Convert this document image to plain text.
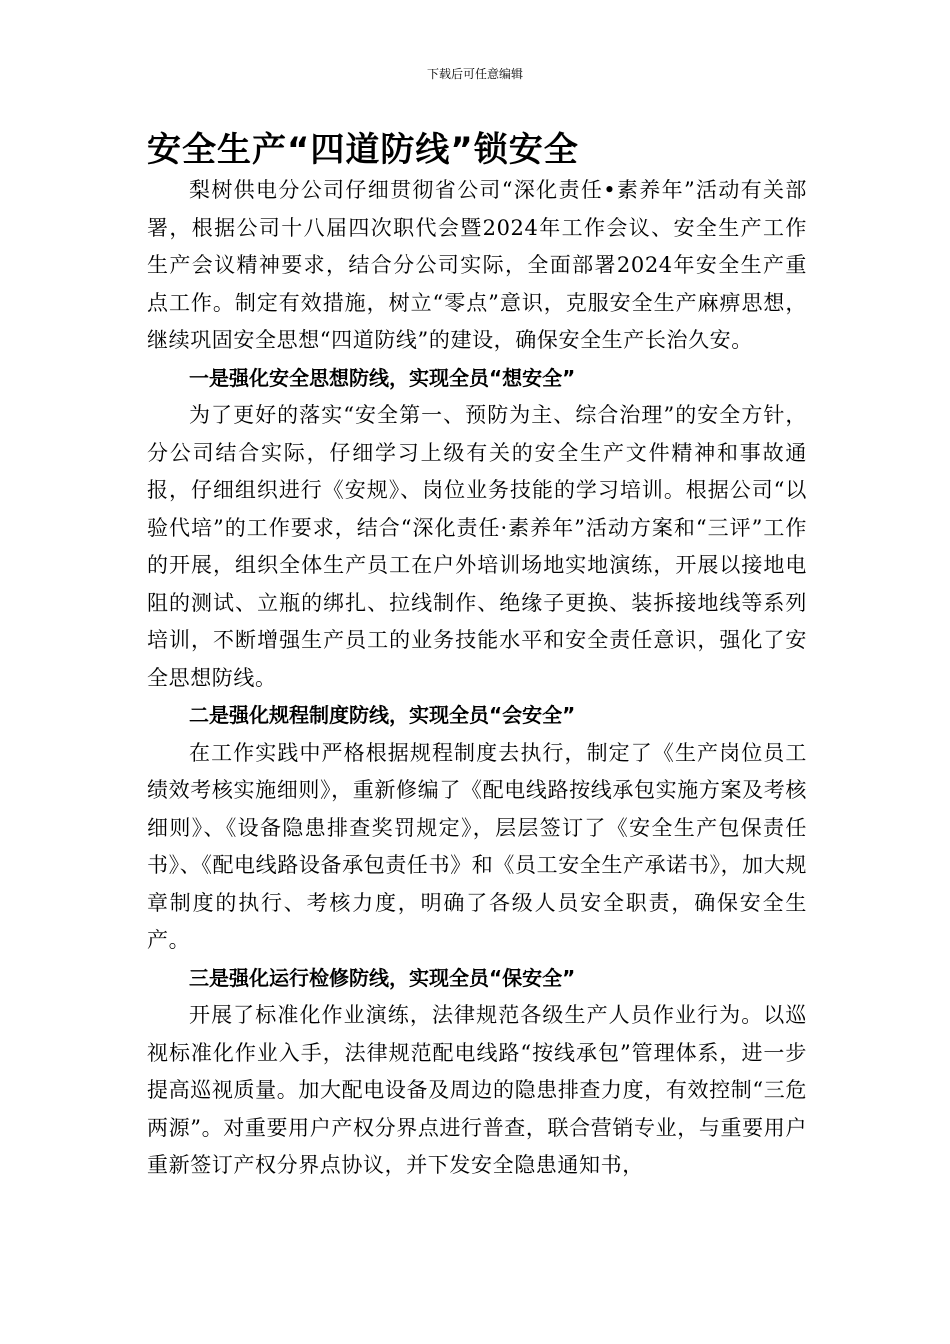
下载后可任意编辑
安全生产“四道防线”锁安全

梨树供电分公司仔细贯彻省公司“深化责任•素养年”活动有关部署，根据公司十八届四次职代会暨2024年工作会议、安全生产工作生产会议精神要求，结合分公司实际，全面部署2024年安全生产重点工作。制定有效措施，树立“零点”意识，克服安全生产麻痹思想，继续巩固安全思想“四道防线”的建设，确保安全生产长治久安。

一是强化安全思想防线，实现全员“想安全”

为了更好的落实“安全第一、预防为主、综合治理”的安全方针，分公司结合实际，仔细学习上级有关的安全生产文件精神和事故通报，仔细组织进行《安规》、岗位业务技能的学习培训。根据公司“以验代培”的工作要求，结合“深化责任·素养年”活动方案和“三评”工作的开展，组织全体生产员工在户外培训场地实地演练，开展以接地电阻的测试、立瓶的绑扎、拉线制作、绝缘子更换、装拆接地线等系列培训，不断增强生产员工的业务技能水平和安全责任意识，强化了安全思想防线。

二是强化规程制度防线，实现全员“会安全”

在工作实践中严格根据规程制度去执行，制定了《生产岗位员工绩效考核实施细则》，重新修编了《配电线路按线承包实施方案及考核细则》、《设备隐患排查奖罚规定》，层层签订了《安全生产包保责任书》、《配电线路设备承包责任书》和《员工安全生产承诺书》，加大规章制度的执行、考核力度，明确了各级人员安全职责，确保安全生产。

三是强化运行检修防线，实现全员“保安全”

开展了标准化作业演练，法律规范各级生产人员作业行为。以巡视标准化作业入手，法律规范配电线路“按线承包”管理体系，进一步提高巡视质量。加大配电设备及周边的隐患排查力度，有效控制“三危两源”。对重要用户产权分界点进行普查，联合营销专业，与重要用户重新签订产权分界点协议，并下发安全隐患通知书，
